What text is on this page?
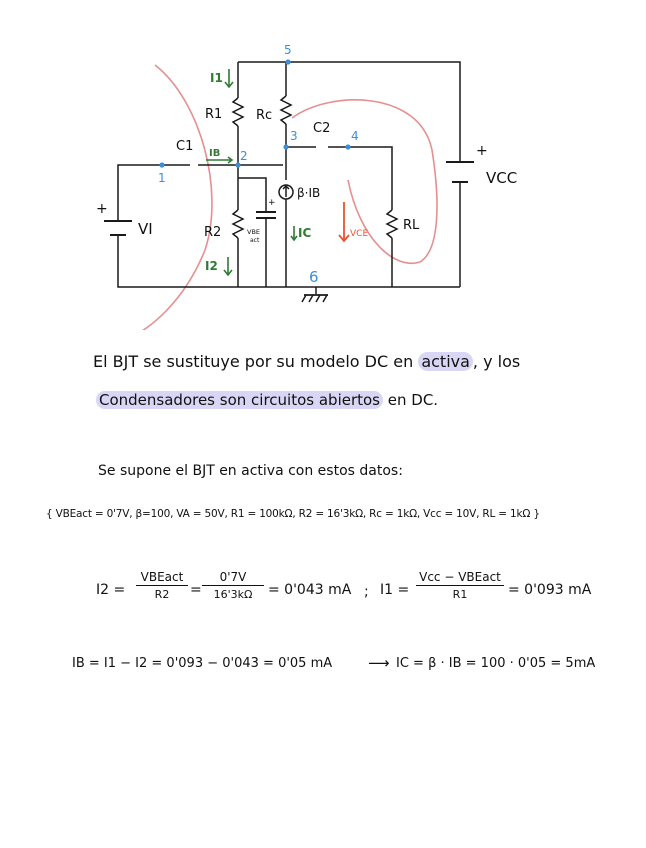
1
2
3	4
5
6
R1	Rc
C2
C1
VCC
+
+
VI	R2	VBE
act
+
RL
I1
IB
I2
β·IB
IC	VCE
El BJT se sustituye por su modelo DC en activa , y los
Condensadores son circuitos abiertos en DC.
Se supone el BJT en activa con estos datos:
{ VBEact = 0'7V, β=100, VA = 50V, R1 = 100kΩ, R2 = 16'3kΩ, Rc = 1kΩ, Vcc = 10V, RL = 1kΩ }
I2 =
VBEact
R2	= $\frac{0'7V}{16'3k\Omega} = 0'043$ mA ; I1 =
Vcc − VBEact
R1	= 0'093 mA
IB = I1 − I2 = 0'093 − 0'043 = 0'05 mA ⟶ IC = β · IB = 100 · 0'05 = 5mA
